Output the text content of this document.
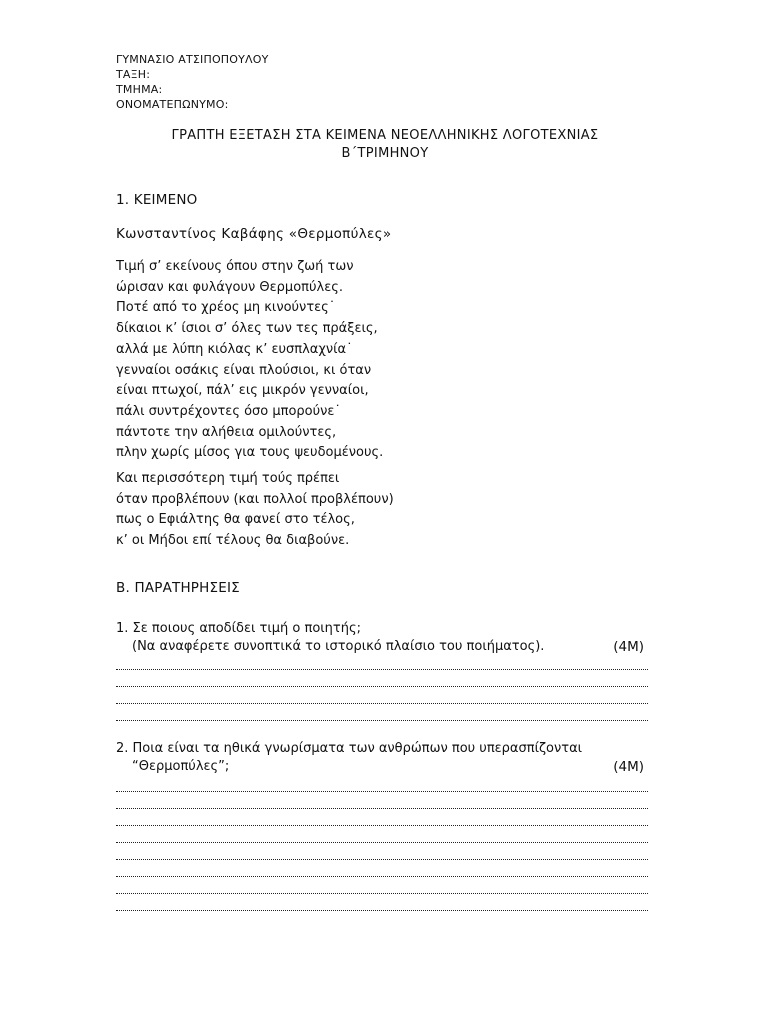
ΓΥΜΝΑΣΙΟ ΑΤΣΙΠΟΠΟΥΛΟΥ
ΤΑΞΗ:
ΤΜΗΜΑ:
ΟΝΟΜΑΤΕΠΩΝΥΜΟ:
ΓΡΑΠΤΗ ΕΞΕΤΑΣΗ ΣΤΑ ΚΕΙΜΕΝΑ ΝΕΟΕΛΛΗΝΙΚΗΣ ΛΟΓΟΤΕΧΝΙΑΣ
Β΄ΤΡΙΜΗΝΟΥ
1. ΚΕΙΜΕΝΟ
Κωνσταντίνος Καβάφης «Θερμοπύλες»
Τιμή σ’ εκείνους όπου στην ζωή των
ώρισαν και φυλάγουν Θερμοπύλες.
Ποτέ από το χρέος μη κινούντες˙
δίκαιοι κ’ ίσιοι σ’ όλες των τες πράξεις,
αλλά με λύπη κιόλας κ’ ευσπλαχνία˙
γενναίοι οσάκις είναι πλούσιοι, κι όταν
είναι πτωχοί, πάλ’ εις μικρόν γενναίοι,
πάλι συντρέχοντες όσο μπορούνε˙
πάντοτε την αλήθεια ομιλούντες,
πλην χωρίς μίσος για τους ψευδομένους.
Και περισσότερη τιμή τούς πρέπει
όταν προβλέπουν (και πολλοί προβλέπουν)
πως ο Εφιάλτης θα φανεί στο τέλος,
κ’ οι Μήδοι επί τέλους θα διαβούνε.
Β. ΠΑΡΑΤΗΡΗΣΕΙΣ
1. Σε ποιους αποδίδει τιμή ο ποιητής;
(Να αναφέρετε συνοπτικά το ιστορικό πλαίσιο του ποιήματος).	(4Μ)
2. Ποια είναι τα ηθικά γνωρίσματα των ανθρώπων που υπερασπίζονται
“Θερμοπύλες”;	(4Μ)
